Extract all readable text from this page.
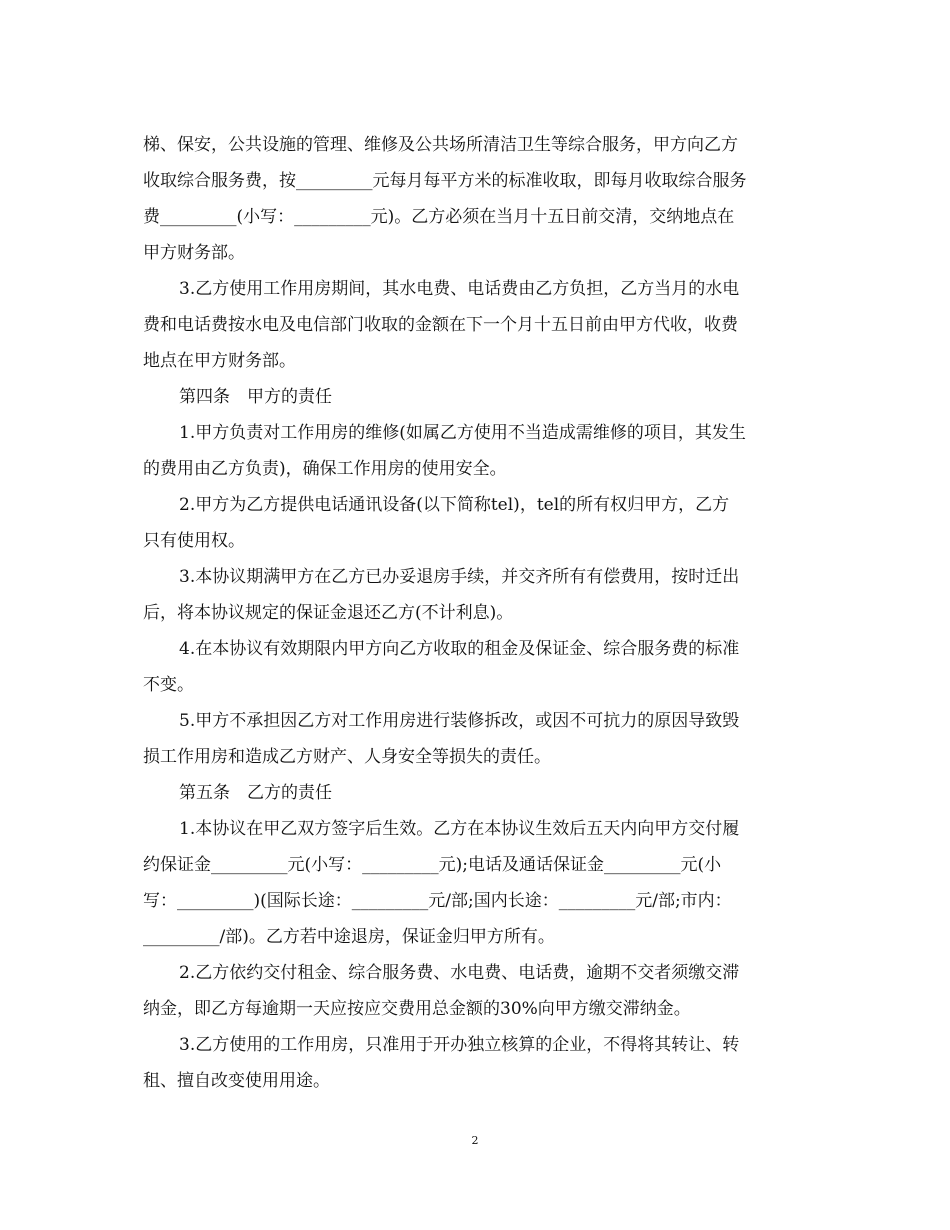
梯、保安，公共设施的管理、维修及公共场所清洁卫生等综合服务，甲方向乙方
收取综合服务费，按_________元每月每平方米的标准收取，即每月收取综合服务
费_________(小写：_________元)。乙方必须在当月十五日前交清，交纳地点在
甲方财务部。
3.乙方使用工作用房期间，其水电费、电话费由乙方负担，乙方当月的水电
费和电话费按水电及电信部门收取的金额在下一个月十五日前由甲方代收，收费
地点在甲方财务部。
第四条　甲方的责任
1.甲方负责对工作用房的维修(如属乙方使用不当造成需维修的项目，其发生
的费用由乙方负责)，确保工作用房的使用安全。
2.甲方为乙方提供电话通讯设备(以下简称tel)，tel的所有权归甲方，乙方
只有使用权。
3.本协议期满甲方在乙方已办妥退房手续，并交齐所有有偿费用，按时迁出
后，将本协议规定的保证金退还乙方(不计利息)。
4.在本协议有效期限内甲方向乙方收取的租金及保证金、综合服务费的标准
不变。
5.甲方不承担因乙方对工作用房进行装修拆改，或因不可抗力的原因导致毁
损工作用房和造成乙方财产、人身安全等损失的责任。
第五条　乙方的责任
1.本协议在甲乙双方签字后生效。乙方在本协议生效后五天内向甲方交付履
约保证金_________元(小写：_________元);电话及通话保证金_________元(小
写：_________)(国际长途：_________元/部;国内长途：_________元/部;市内：
_________/部)。乙方若中途退房，保证金归甲方所有。
2.乙方依约交付租金、综合服务费、水电费、电话费，逾期不交者须缴交滞
纳金，即乙方每逾期一天应按应交费用总金额的30%向甲方缴交滞纳金。
3.乙方使用的工作用房，只准用于开办独立核算的企业，不得将其转让、转
租、擅自改变使用用途。
2
